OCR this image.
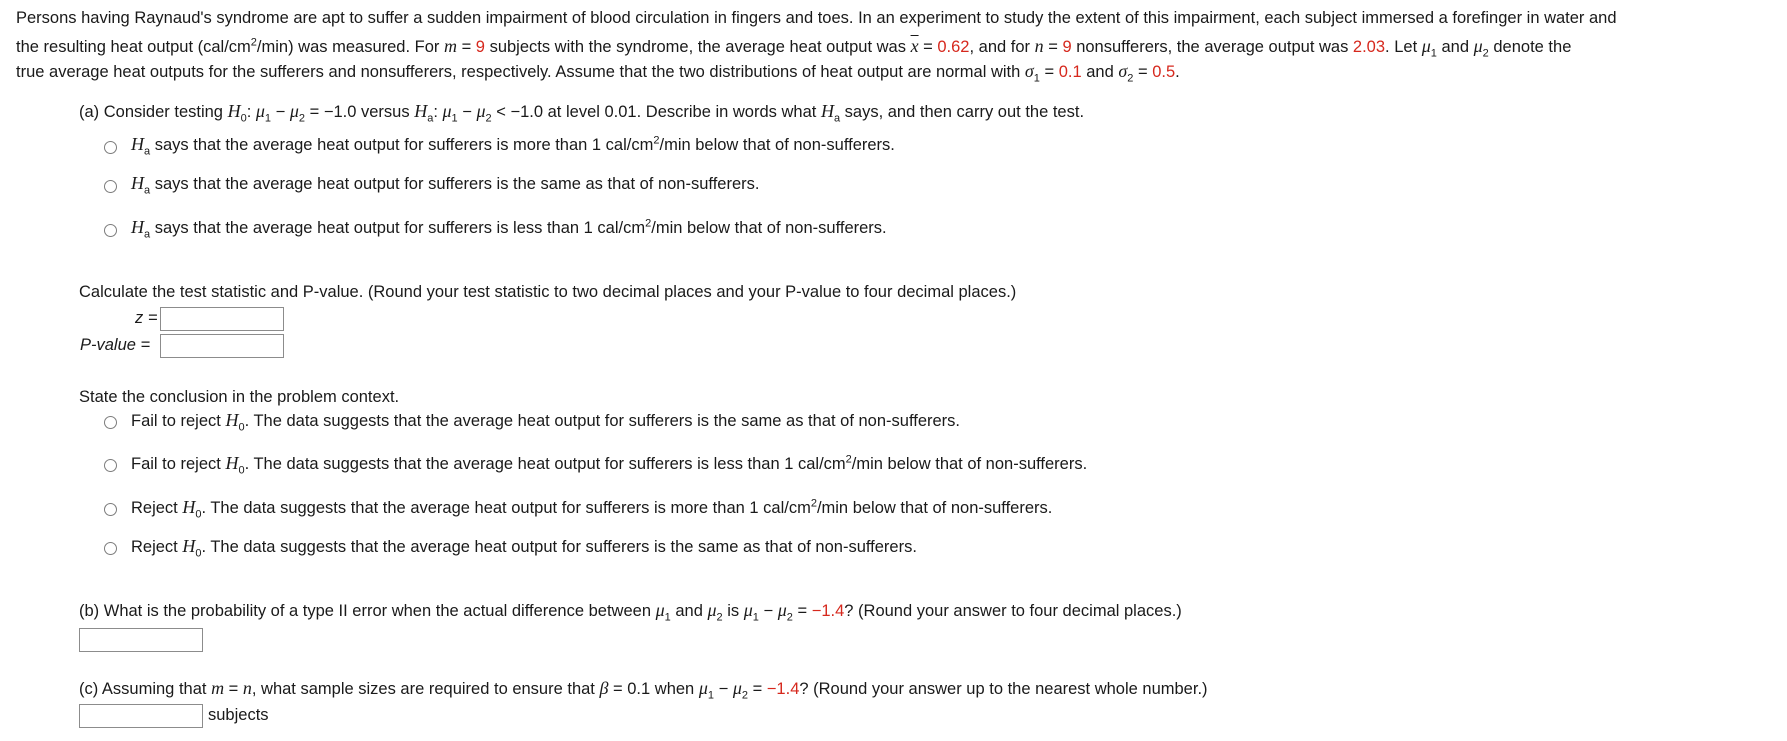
Persons having Raynaud's syndrome are apt to suffer a sudden impairment of blood circulation in fingers and toes. In an experiment to study the extent of this impairment, each subject immersed a forefinger in water and
the resulting heat output $(cal/cm^2/\min)$ was measured. For m = 9 subjects with the syndrome, the average heat output was $\overline{x} = 0.62$, and for n = 9 nonsufferers, the average output was 2.03. Let $\mu_1$ and $\mu_2$ denote the
true average heat outputs for the sufferers and nonsufferers, respectively. Assume that the two distributions of heat output are normal with $\sigma_1 = 0.1$ and $\sigma_2 = 0.5$.
(a) Consider testing $H_0$: $\mu_1 - \mu_2 = -1.0$ versus $H_a$: $\mu_1 - \mu_2 < -1.0$ at level 0.01. Describe in words what $H_a$ says, and then carry out the test.
$H_a$ says that the average heat output for sufferers is more than 1 cal/$cm^2/\min$ below that of non-sufferers.
$H_a$ says that the average heat output for sufferers is the same as that of non-sufferers.
$H_a$ says that the average heat output for sufferers is less than 1 cal/$cm^2/\min$ below that of non-sufferers.
Calculate the test statistic and P-value. (Round your test statistic to two decimal places and your P-value to four decimal places.)
z =
P-value =
State the conclusion in the problem context.
Fail to reject $H_0$. The data suggests that the average heat output for sufferers is the same as that of non-sufferers.
Fail to reject $H_0$. The data suggests that the average heat output for sufferers is less than 1 cal/$cm^2/\min$ below that of non-sufferers.
Reject $H_0$. The data suggests that the average heat output for sufferers is more than 1 cal/$cm^2/\min$ below that of non-sufferers.
Reject $H_0$. The data suggests that the average heat output for sufferers is the same as that of non-sufferers.
(b) What is the probability of a type II error when the actual difference between $\mu_1$ and $\mu_2$ is $\mu_1 - \mu_2 = -1.4$? (Round your answer to four decimal places.)
(c) Assuming that m = n, what sample sizes are required to ensure that β = 0.1 when $\mu_1 - \mu_2 = -1.4$? (Round your answer up to the nearest whole number.)
subjects
